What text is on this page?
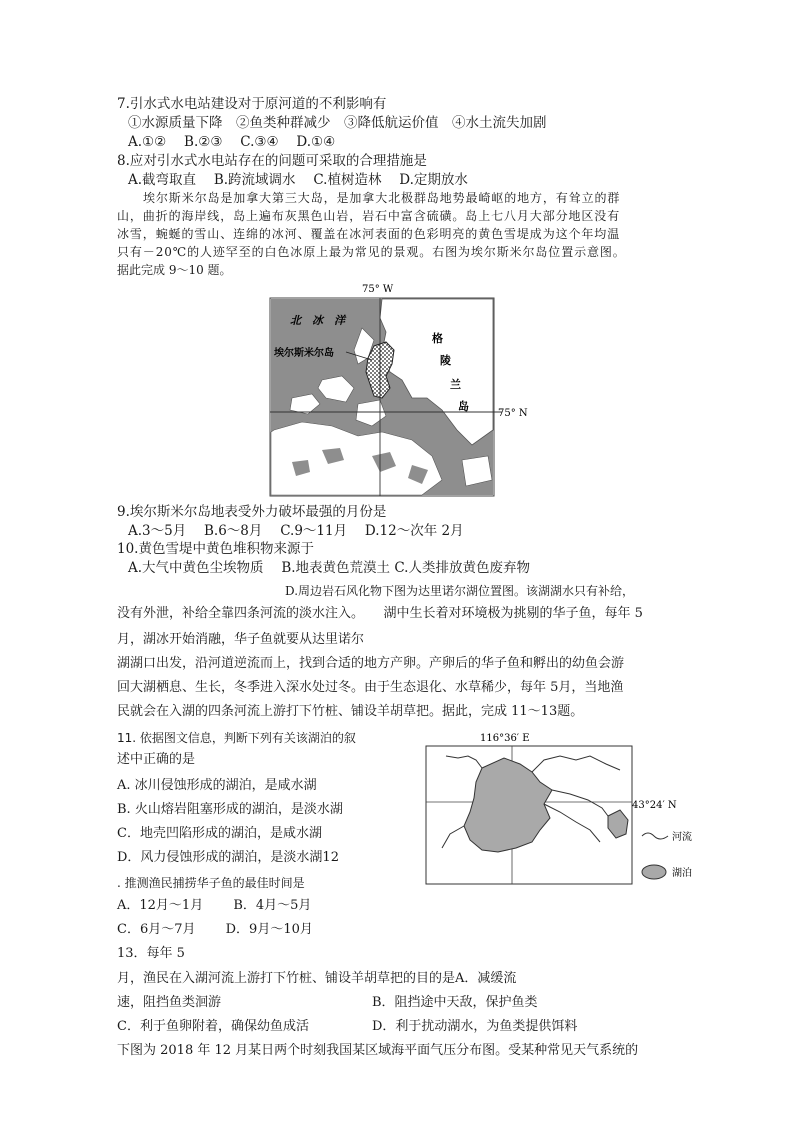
7.引水式水电站建设对于原河道的不利影响有
①水源质量下降　②鱼类种群减少　③降低航运价值　④水土流失加剧
A.①②　 B.②③　 C.③④　 D.①④
8.应对引水式水电站存在的问题可采取的合理措施是
A.截弯取直　 B.跨流域调水　 C.植树造林　 D.定期放水
埃尔斯米尔岛是加拿大第三大岛，是加拿大北极群岛地势最崎岖的地方，有耸立的群
山，曲折的海岸线，岛上遍布灰黑色山岩，岩石中富含硫磺。岛上七八月大部分地区没有
冰雪，蜿蜒的雪山、连绵的冰河、覆盖在冰河表面的色彩明亮的黄色雪堤成为这个年均温
只有－20℃的人迹罕至的白色冰原上最为常见的景观。右图为埃尔斯米尔岛位置示意图。
据此完成 9～10 题。
75° W
75° N
北　冰　洋
埃尔斯米尔岛
格
陵
兰
岛
9.埃尔斯米尔岛地表受外力破坏最强的月份是
A.3～5月　 B.6～8月　 C.9～11月　 D.12～次年 2月
10.黄色雪堤中黄色堆积物来源于
A.大气中黄色尘埃物质　 B.地表黄色荒漠土 C.人类排放黄色废弃物
D.周边岩石风化物下图为达里诺尔湖位置图。该湖湖水只有补给，
没有外泄，补给全靠四条河流的淡水注入。　　湖中生长着对环境极为挑剔的华子鱼，每年 5
月，湖冰开始消融，华子鱼就要从达里诺尔
湖湖口出发，沿河道逆流而上，找到合适的地方产卵。产卵后的华子鱼和孵出的幼鱼会游
回大湖栖息、生长，冬季进入深水处过冬。由于生态退化、水草稀少，每年 5月，当地渔
民就会在入湖的四条河流上游打下竹桩、铺设羊胡草把。据此，完成 11～13题。
11. 依据图文信息，判断下列有关该湖泊的叙
述中正确的是
A. 冰川侵蚀形成的湖泊，是咸水湖
B. 火山熔岩阻塞形成的湖泊，是淡水湖
C．地壳凹陷形成的湖泊，是咸水湖
D．风力侵蚀形成的湖泊，是淡水湖12
. 推测渔民捕捞华子鱼的最佳时间是
A．12月～1月　　 B．4月～5月
C．6月～7月　　 D．9月～10月
13．每年 5
月，渔民在入湖河流上游打下竹桩、铺设羊胡草把的目的是A．减缓流
速，阻挡鱼类洄游	B．阻挡途中天敌，保护鱼类
C．利于鱼卵附着，确保幼鱼成活	D．利于扰动湖水，为鱼类提供饵料
下图为 2018 年 12 月某日两个时刻我国某区域海平面气压分布图。受某种常见天气系统的
116°36′ E
43°24′ N
河流
湖泊
